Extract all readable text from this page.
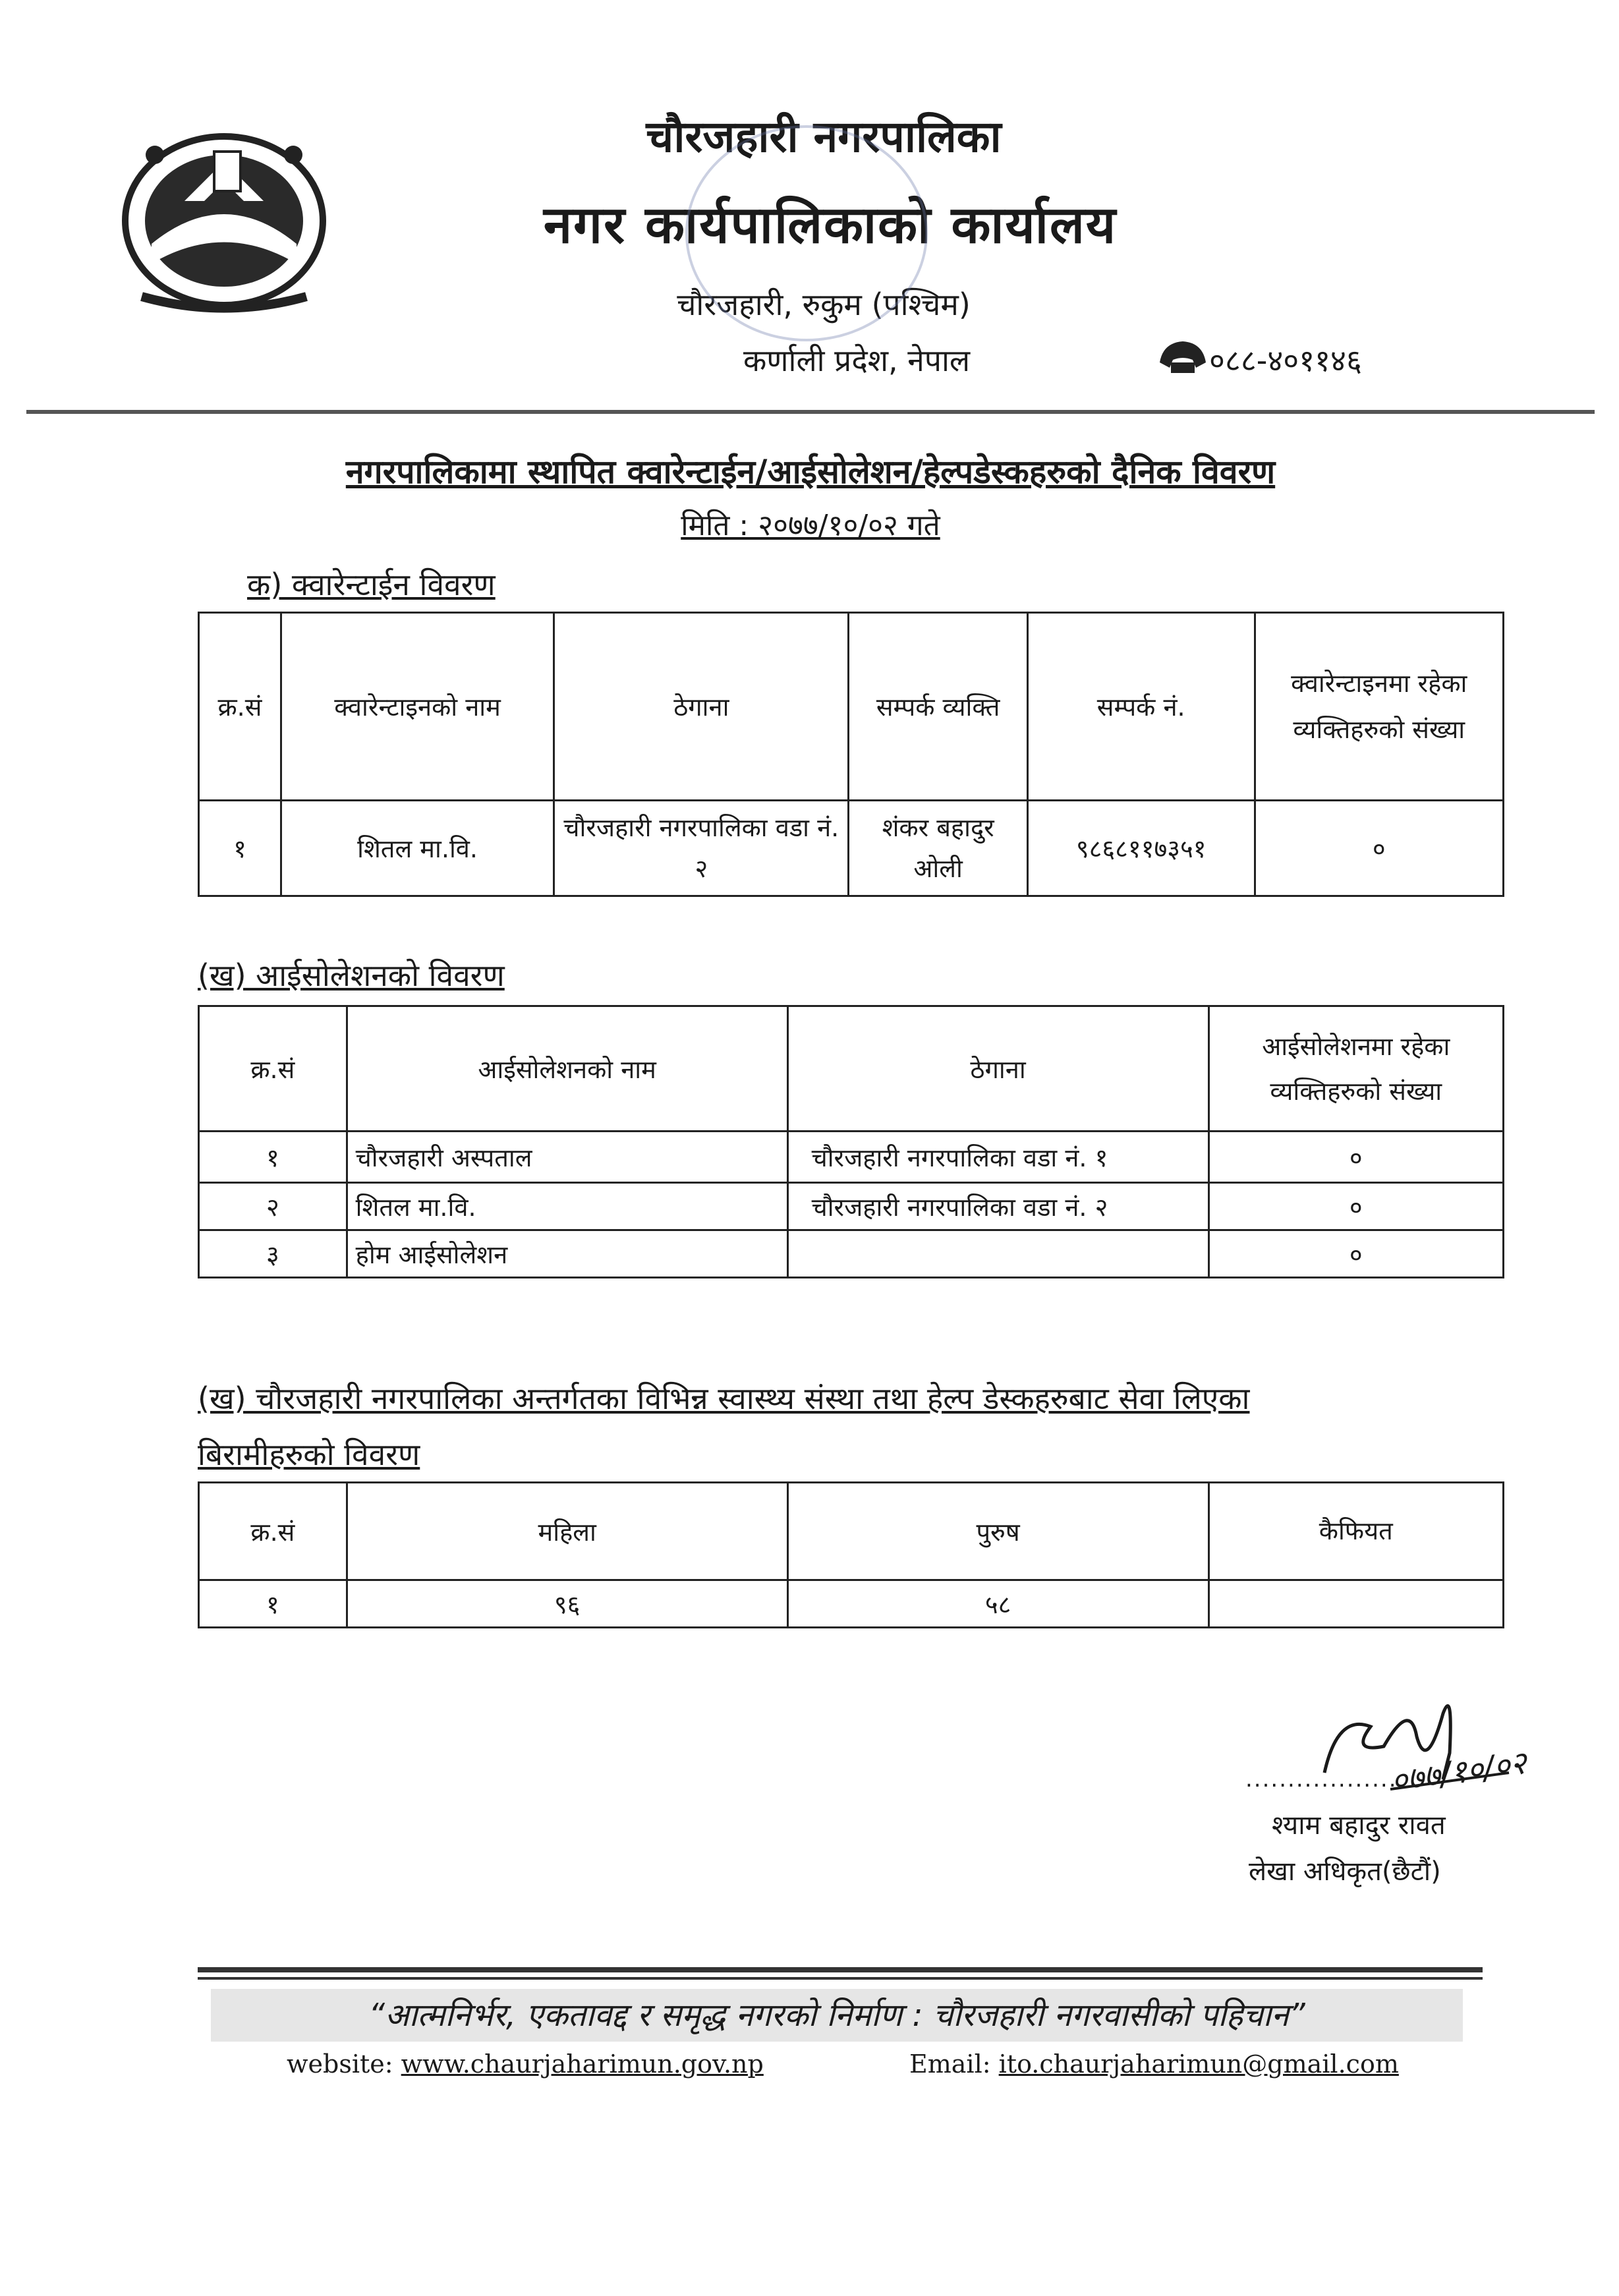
चौरजहारी नगरपालिका
नगर कार्यपालिकाको कार्यालय
चौरजहारी, रुकुम (पश्चिम)
कर्णाली प्रदेश, नेपाल	०८८-४०११४६
नगरपालिकामा स्थापित क्वारेन्टाईन/आईसोलेशन/हेल्पडेस्कहरुको दैनिक विवरण
मिति : २०७७/१०/०२ गते
क) क्वारेन्टाईन विवरण
क्र.सं	क्वारेन्टाइनको नाम	ठेगाना	सम्पर्क व्यक्ति	सम्पर्क नं.	क्वारेन्टाइनमा रहेका व्यक्तिहरुको संख्या
१	शितल मा.वि.	चौरजहारी नगरपालिका वडा नं. २	शंकर बहादुर ओली	९८६८११७३५१	०
(ख) आईसोलेशनको विवरण
क्र.सं	आईसोलेशनको नाम	ठेगाना	आईसोलेशनमा रहेका व्यक्तिहरुको संख्या
१	चौरजहारी अस्पताल	चौरजहारी नगरपालिका वडा नं. १	०
२	शितल मा.वि.	चौरजहारी नगरपालिका वडा नं. २	०
३	होम आईसोलेशन		०
(ख) चौरजहारी नगरपालिका अन्तर्गतका विभिन्न स्वास्थ्य संस्था तथा हेल्प डेस्कहरुबाट सेवा लिएका
बिरामीहरुको विवरण
क्र.सं	महिला	पुरुष	कैफियत
१	९६	५८	
०७७/१०/०२
..................
श्याम बहादुर रावत
लेखा अधिकृत(छैटौं)
“आत्मनिर्भर, एकतावद्द र समृद्ध नगरको निर्माण : चौरजहारी नगरवासीको पहिचान”
website: www.chaurjaharimun.gov.np	Email: ito.chaurjaharimun@gmail.com
